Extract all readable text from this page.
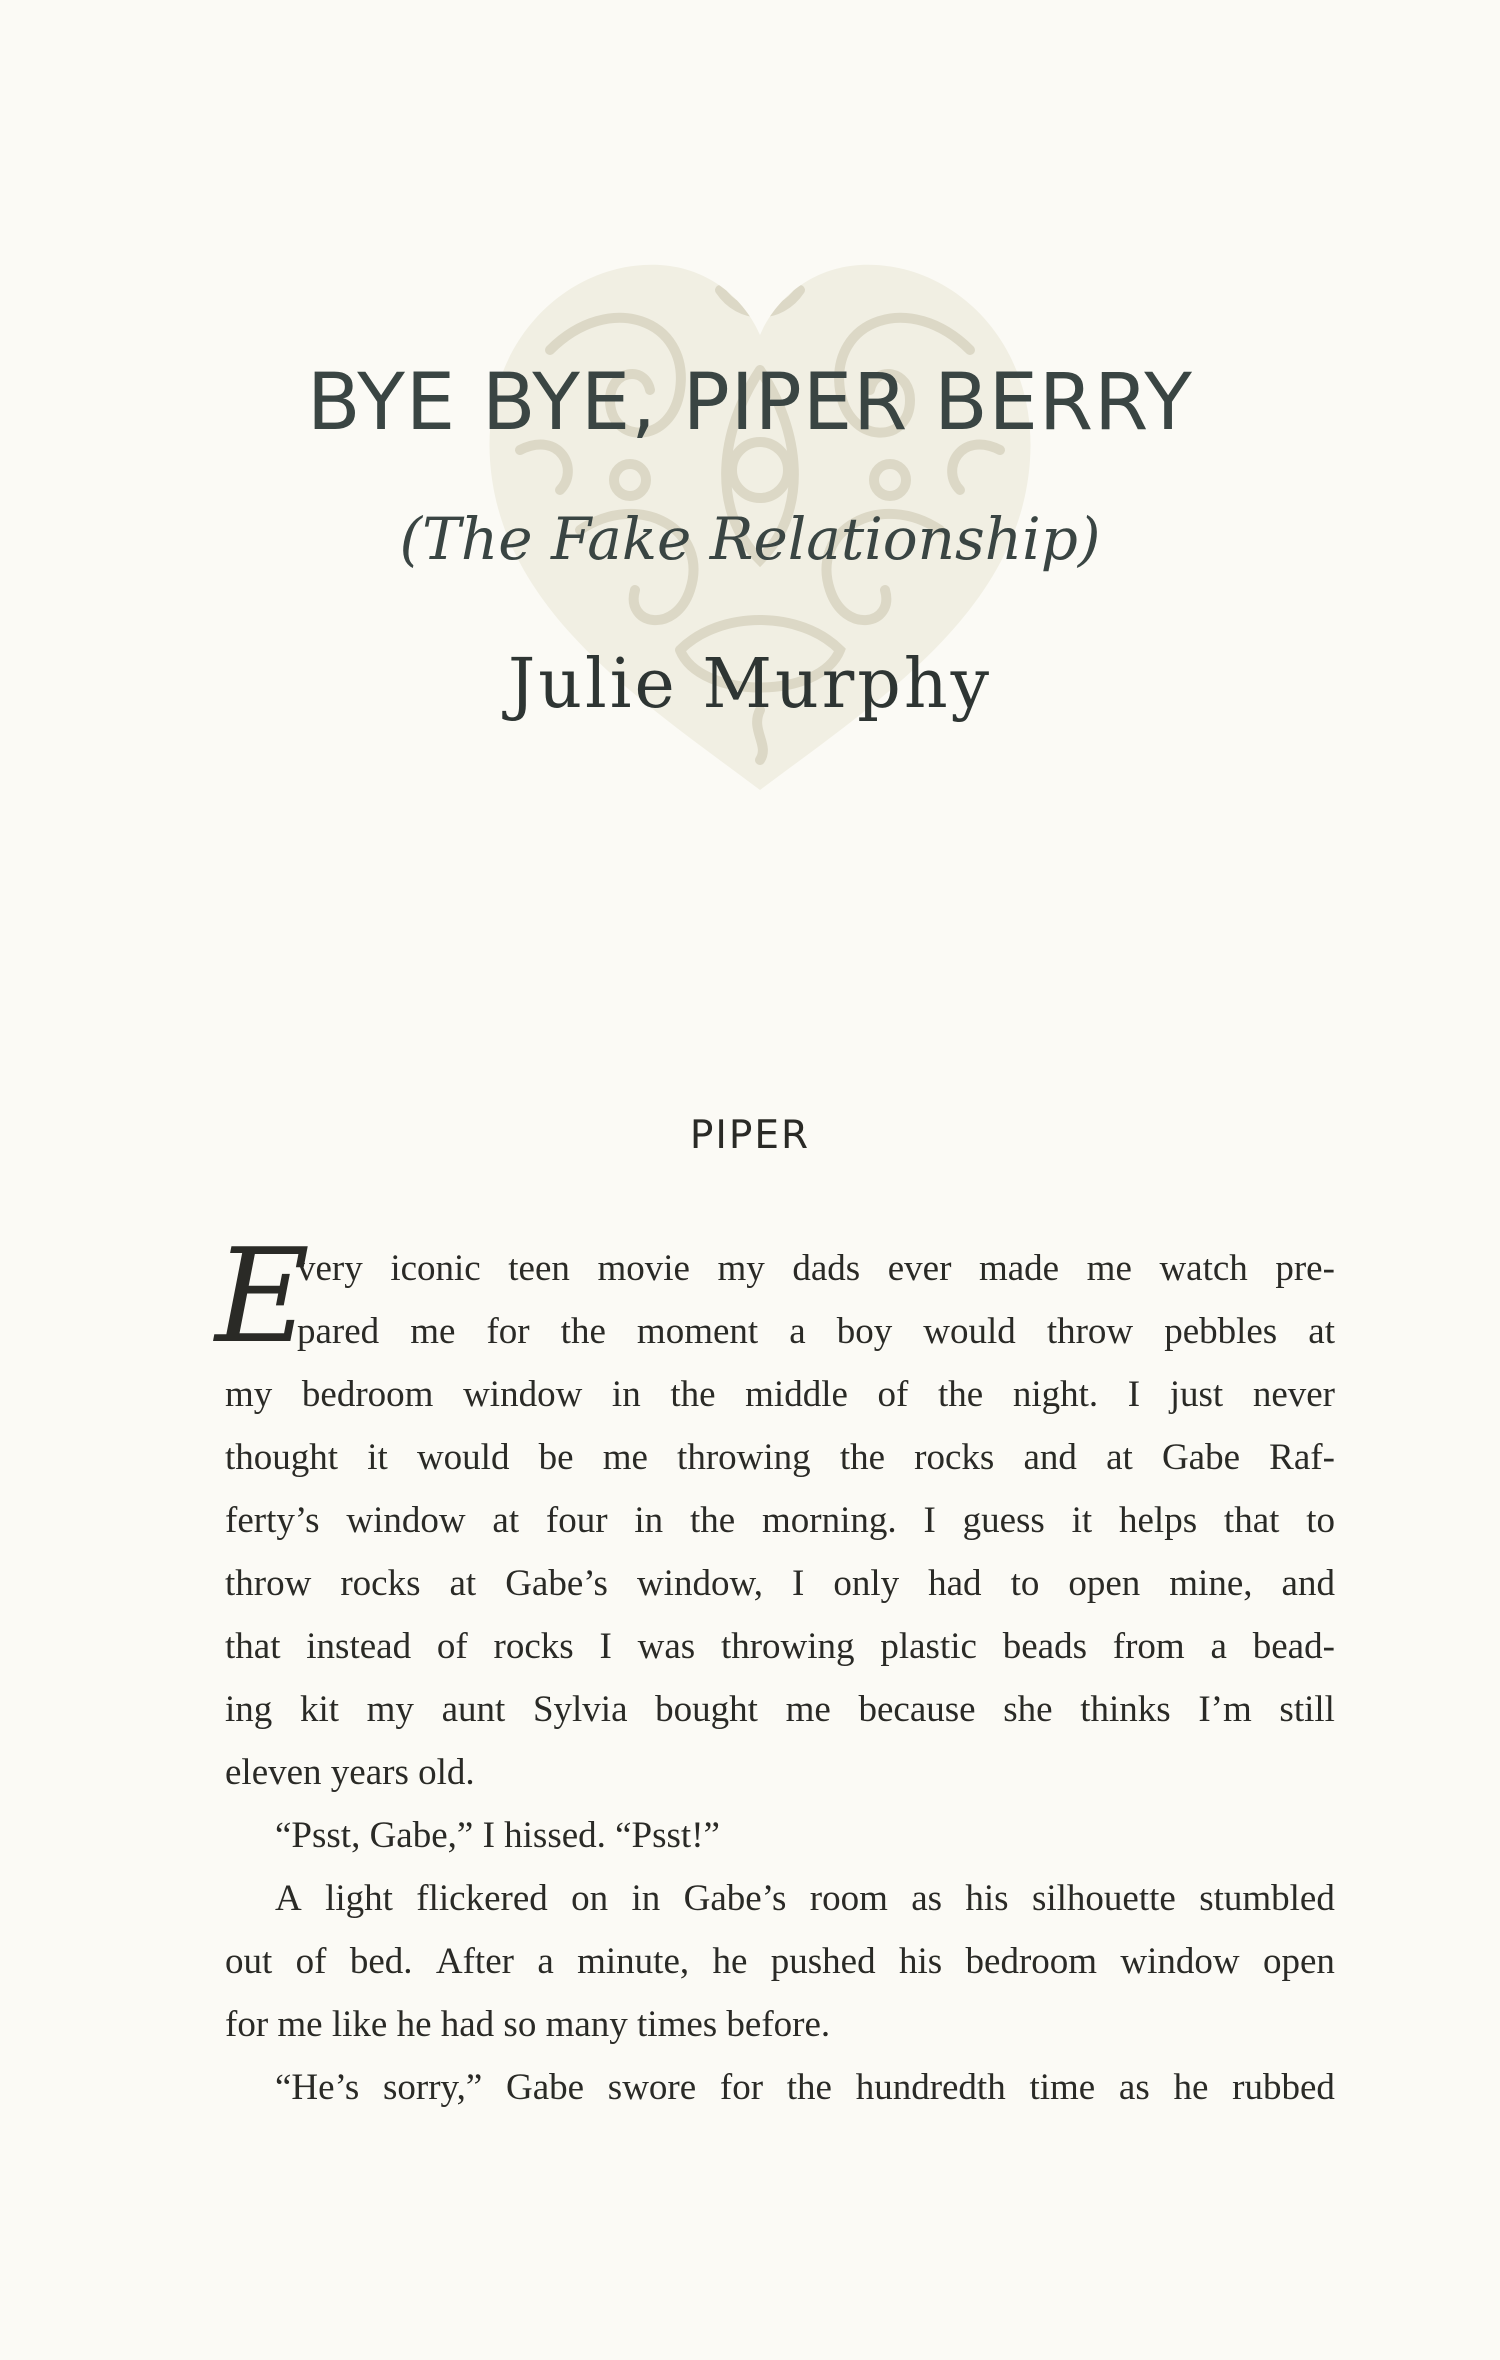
BYE BYE, PIPER BERRY
(The Fake Relationship)
Julie Murphy
PIPER
E
very iconic teen movie my dads ever made me watch pre-
pared me for the moment a boy would throw pebbles at
my bedroom window in the middle of the night. I just never
thought it would be me throwing the rocks and at Gabe Raf-
ferty’s window at four in the morning. I guess it helps that to
throw rocks at Gabe’s window, I only had to open mine, and
that instead of rocks I was throwing plastic beads from a bead-
ing kit my aunt Sylvia bought me because she thinks I’m still
eleven years old.
“Psst, Gabe,” I hissed. “Psst!”
A light flickered on in Gabe’s room as his silhouette stumbled
out of bed. After a minute, he pushed his bedroom window open
for me like he had so many times before.
“He’s sorry,” Gabe swore for the hundredth time as he rubbed
